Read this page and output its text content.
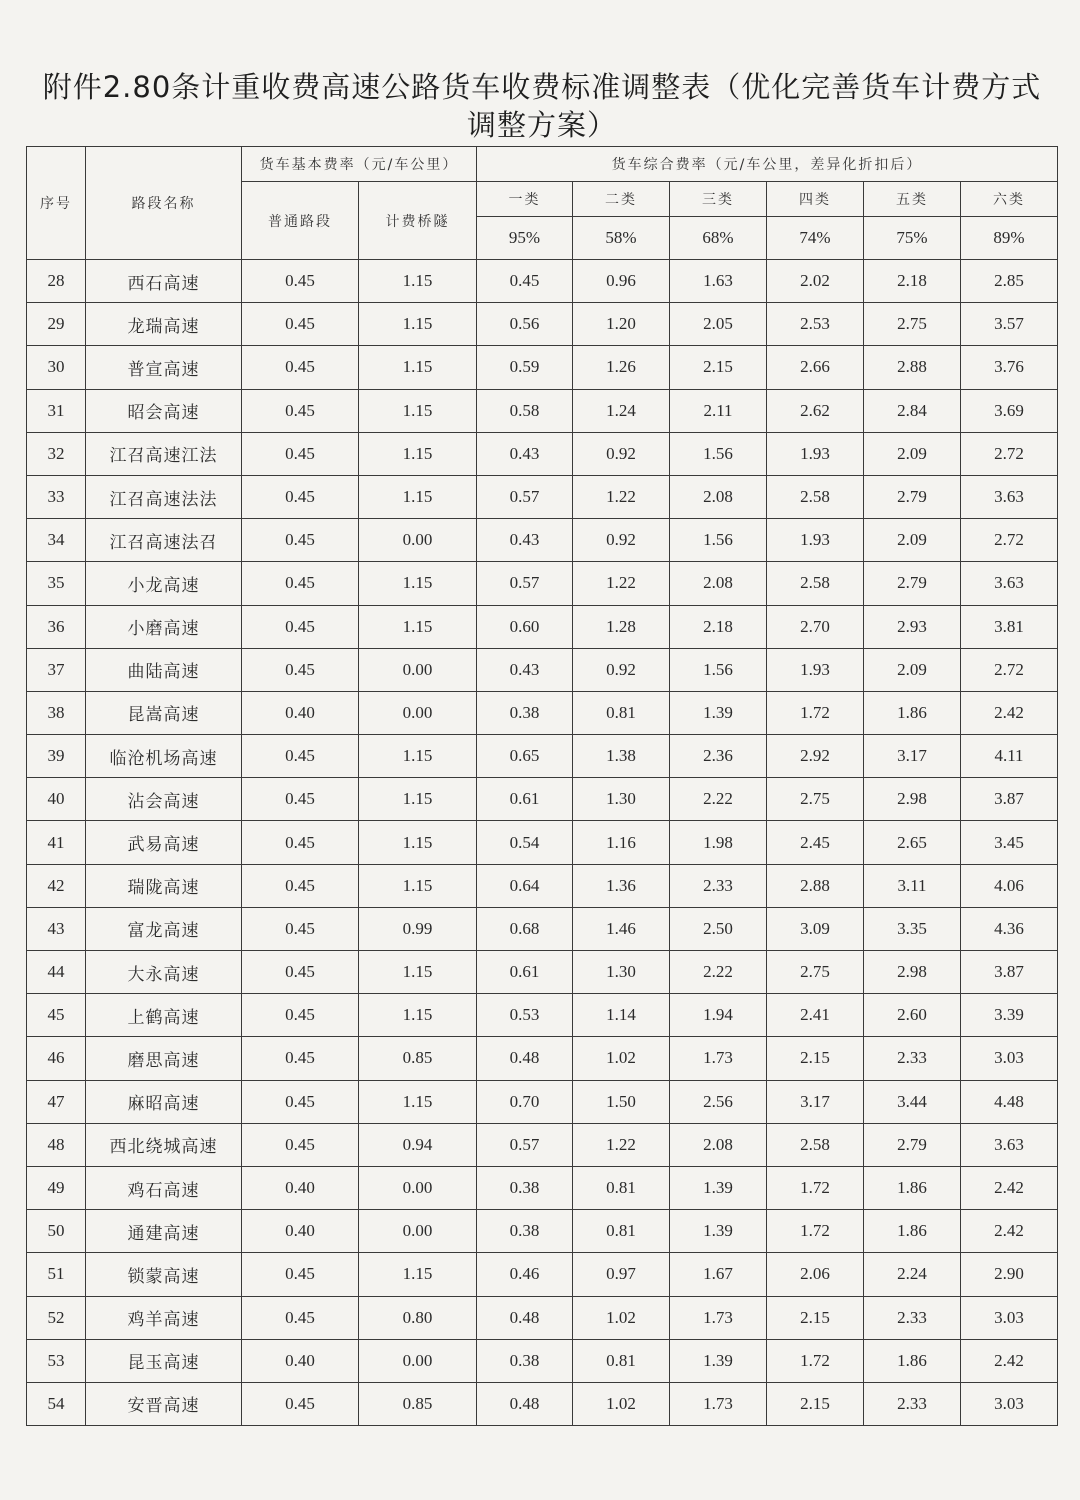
附件2.80条计重收费高速公路货车收费标准调整表（优化完善货车计费方式调整方案）
序号	路段名称	货车基本费率（元/车公里）		货车综合费率（元/车公里，差异化折扣后）					
		普通路段	计费桥隧	一类	二类	三类	四类	五类	六类
				95%	58%	68%	74%	75%	89%
28	西石高速	0.45	1.15	0.45	0.96	1.63	2.02	2.18	2.85
29	龙瑞高速	0.45	1.15	0.56	1.20	2.05	2.53	2.75	3.57
30	普宣高速	0.45	1.15	0.59	1.26	2.15	2.66	2.88	3.76
31	昭会高速	0.45	1.15	0.58	1.24	2.11	2.62	2.84	3.69
32	江召高速江法	0.45	1.15	0.43	0.92	1.56	1.93	2.09	2.72
33	江召高速法法	0.45	1.15	0.57	1.22	2.08	2.58	2.79	3.63
34	江召高速法召	0.45	0.00	0.43	0.92	1.56	1.93	2.09	2.72
35	小龙高速	0.45	1.15	0.57	1.22	2.08	2.58	2.79	3.63
36	小磨高速	0.45	1.15	0.60	1.28	2.18	2.70	2.93	3.81
37	曲陆高速	0.45	0.00	0.43	0.92	1.56	1.93	2.09	2.72
38	昆嵩高速	0.40	0.00	0.38	0.81	1.39	1.72	1.86	2.42
39	临沧机场高速	0.45	1.15	0.65	1.38	2.36	2.92	3.17	4.11
40	沾会高速	0.45	1.15	0.61	1.30	2.22	2.75	2.98	3.87
41	武易高速	0.45	1.15	0.54	1.16	1.98	2.45	2.65	3.45
42	瑞陇高速	0.45	1.15	0.64	1.36	2.33	2.88	3.11	4.06
43	富龙高速	0.45	0.99	0.68	1.46	2.50	3.09	3.35	4.36
44	大永高速	0.45	1.15	0.61	1.30	2.22	2.75	2.98	3.87
45	上鹤高速	0.45	1.15	0.53	1.14	1.94	2.41	2.60	3.39
46	磨思高速	0.45	0.85	0.48	1.02	1.73	2.15	2.33	3.03
47	麻昭高速	0.45	1.15	0.70	1.50	2.56	3.17	3.44	4.48
48	西北绕城高速	0.45	0.94	0.57	1.22	2.08	2.58	2.79	3.63
49	鸡石高速	0.40	0.00	0.38	0.81	1.39	1.72	1.86	2.42
50	通建高速	0.40	0.00	0.38	0.81	1.39	1.72	1.86	2.42
51	锁蒙高速	0.45	1.15	0.46	0.97	1.67	2.06	2.24	2.90
52	鸡羊高速	0.45	0.80	0.48	1.02	1.73	2.15	2.33	3.03
53	昆玉高速	0.40	0.00	0.38	0.81	1.39	1.72	1.86	2.42
54	安晋高速	0.45	0.85	0.48	1.02	1.73	2.15	2.33	3.03
